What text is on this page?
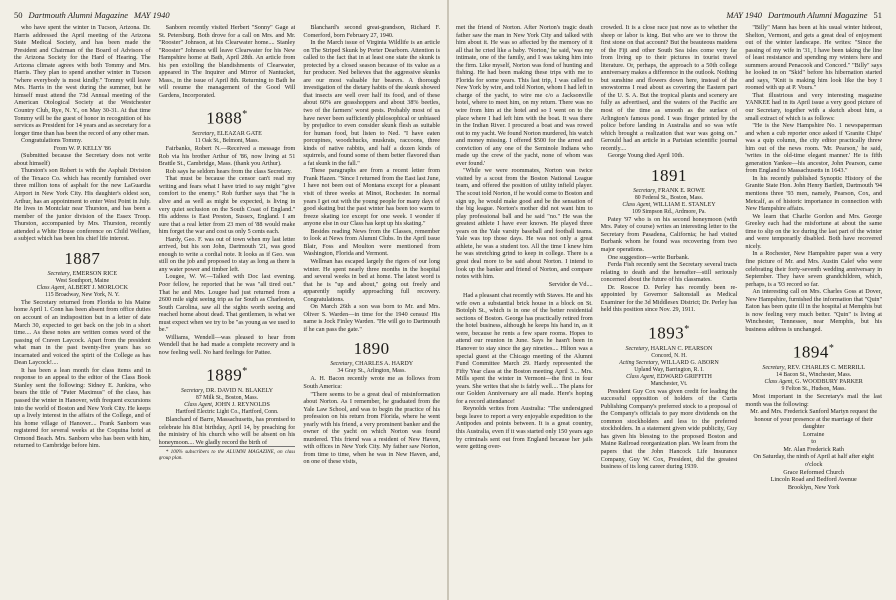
50 Dartmouth Alumni Magazine MAY 1940

who have spent the winter in Tucson, Arizona. Dr. Harris addressed the April meeting of the Arizona State Medical Society, and has been made the President and Chairman of the Board of Advisors of the Arizona Society for the Hard of Hearing. The Arizona climate agrees with both Tommy and Mrs. Harris. They plan to spend another winter in Tucson "where everybody is most kindly." Tommy will leave Mrs. Harris in the west during the summer, but he himself must attend the 73d Annual meeting of the American Otological Society at the Westchester Country Club, Rye, N. Y., on May 30-31. At that time Tommy will be the guest of honor in recognition of his services as President for 14 years and as secretary for a longer time than has been the record of any other man.

Congratulations Tommy.

From W. P. KELLY '86

(Submitted because the Secretary does not write about himself)

Thurston's son Robert is with the Asphalt Division of the Texaco Co. which has recently furnished over three million tons of asphalt for the new LaGuardia Airport in New York City. His daughter's oldest son, Arthur, has an appointment to enter West Point in July. He lives in Montclair near Thurston, and has been a member of the junior division of the Essex Troop. Thurston, accompanied by Mrs. Thurston, recently attended a White House conference on Child Welfare, a subject which has been his chief life interest.

1887
Secretary, EMERSON RICE
West Southport, Maine
Class Agent, ALBERT J. MORLOCK
115 Broadway, New York, N. Y.

The Secretary returned from Florida to his Maine home April 1. Conn has been absent from office duties on account of an indisposition but in a letter of date March 30, expected to get back on the job in a short time.... As these notes are written comes word of the passing of Craven Laycock. Apart from the president what man in the past twenty-five years has so incarnated and voiced the spirit of the College as has Dean Laycock!....

It has been a lean month for class items and in response to an appeal to the editor of the Class Book Stanley sent the following: Sidney E. Junkins, who bears the title of "Pater Maximus" of the class, has passed the winter in Hanover, with frequent excursions into the world of Boston and New York City. He keeps up a lively interest in the affairs of the College, and of his home village of Hanover.... Frank Sanborn was registered for several weeks at the Coquina hotel at Ormond Beach. Mrs. Sanborn who has been with him, returned to Cambridge before him.

Sanborn recently visited Herbert "Sonny" Gage at St. Petersburg. Both drove for a call on Mrs. and Mr. "Rooster" Johnson, at his Clearwater home.... Stanley "Rooster" Johnson will leave Clearwater for his New Hampshire home at Bath, April 28th. An article from his pen extolling the blandishments of Clearwater, appeared in The Inquirer and Mirror of Nantucket, Mass., in the issue of April 8th. Returning to Bath he will resume the management of the Good Will Gardens, Incorporated.

1888*
Secretary, ELEAZAR GATE
11 Oak St., Belmont, Mass.

Fairbanks, Robert N.—Received a message from Rob via his brother Arthur of '86, now living at 51 Brattle St., Cambridge, Mass. (thank you Arthur).

Rob says he seldom hears from the class Secretary.

That must be because the censor can't read my writing and fears what I have tried to say might "give comfort to the enemy." Rob further says that "he is alive and as well as might be expected, is living in very quiet seclusion on the South Coast of England." His address is East Preston, Sussex, England. I am sure that a real letter from 23 men of '88 would make him forget the war and cost us only 5 cents each.

Hardy, Geo. F. was out of town when my last letter arrived, but his son John, Dartmouth '21, was good enough to write a cordial note. It looks as if Geo. was still on the job and proposed to stay as long as there is any water power and timber left.

Lougee, W. W.—Talked with Doc last evening. Poor fellow, he reported that he was "all tired out." That he and Mrs. Lougee had just returned from a 2600 mile sight seeing trip as far South as Charleston, South Carolina, saw all the sights worth seeing and reached home about dead. That gentlemen, is what we must expect when we try to be "as young as we used to be."

Williams, Wendell—was pleased to hear from Wendell that he had made a complete recovery and is now feeling well. No hard feelings for Pattee.

1889*
Secretary, DR. DAVID N. BLAKELY
87 Milk St., Boston, Mass.
Class Agent, JOHN J. REYNOLDS
Hartford Electric Light Co., Hartford, Conn.

Blanchard of Barre, Massachusetts, has promised to celebrate his 81st birthday, April 14, by preaching for the ministry of his church who will be absent on his honeymoon.... We gladly record the birth of

* 100% subscribers to the ALUMNI MAGAZINE, on class group plan.

Blanchard's second great-grandson, Richard F. Comerford, born February 27, 1940.

In the March issue of Virginia Wildlife is an article on The Striped Skunk by Porter Dearborn. Attention is called to the fact that in at least one state the skunk is protected by a closed season because of its value as a fur producer. Ned believes that the aggressive skunks are our most valuable fur bearers. A thorough investigation of the dietary habits of the skunk showed that insects are well over half its food, and of these about 60% are grasshoppers and about 38% beetles, two of the farmers' worst pests. Probably most of us have never been sufficiently philosophical or unbiased by prejudice to even consider skunk flesh as suitable for human food, but listen to Ned. "I have eaten porcupines, woodchucks, muskrats, raccoons, three kinds of native rabbits, and half a dozen kinds of squirrels, and found some of them better flavored than a fat skunk in the fall."

These paragraphs are from a recent letter from Frank Hazen. "Since I returned from the East last June, I have not been out of Montana except for a pleasant visit of three weeks at Minot, Rochester. In normal years I get out with the young people for many days of good skating but the past winter has been too warm to freeze skating ice except for one week. I wonder if anyone else in our Class has kept up his skating."

Besides reading News from the Classes, remember to look at News from Alumni Clubs. In the April issue Blair, Foss and Moulton were mentioned from Washington, Florida and Vermont.

Wellman has escaped largely the rigors of our long winter. He spent nearly three months in the hospital and several weeks in bed at home. The latest word is that he is "up and about," going out freely and apparently rapidly approaching full recovery. Congratulations.

On March 26th a son was born to Mr. and Mrs. Oliver S. Warden—in time for the 1940 census! His name is Jock Finley Warden. "He will go to Dartmouth if he can pass the gate."

1890
Secretary, CHARLES A. HARDY
34 Gray St., Arlington, Mass.

A. H. Bacon recently wrote me as follows from South America:

"There seems to be a great deal of misinformation about Norton. As I remember, he graduated from the Yale Law School, and was to begin the practice of his profession on his return from Florida, where he went yearly with his friend, a very prominent banker and the owner of the yacht on which Norton was found murdered. This friend was a resident of New Haven, with offices in New York City. My father saw Norton, from time to time, when he was in New Haven, and, on one of these visits,

MAY 1940 Dartmouth Alumni Magazine 51

met the friend of Norton. After Norton's tragic death father saw the man in New York City and talked with him about it. He was so affected by the memory of it all that he cried like a baby. 'Norton,' he said, 'was my intimate, one of the family, and I was taking him into the firm. Like myself, Norton was fond of hunting and fishing. He had been making these trips with me to Florida for some years. This last trip, I was called to New York by wire, and told Norton, whom I had left in charge of the yacht, to wire me c/o a Jacksonville hotel, where to meet him, on my return. There was no wire from him at the hotel and so I went on to the place where I had left him with the boat. It was there in the Indian River. I procured a boat and was rowed out to my yacht. We found Norton murdered, his watch and money missing. I offered $500 for the arrest and conviction of any one of the Seminole Indians who made up the crew of the yacht, none of whom was ever found.'

"While we were roommates, Norton was twice visited by a scout from the Boston National League team, and offered the position of utility infield player. The scout told Norton, if he would come to Boston and sign up, he would make good and be the sensation of the big league. Norton's mother did not want him to play professional ball and he said "no." He was the greatest athlete I have ever known. He played three years on the Yale varsity baseball and football teams. Yale was top those days. He was not only a great athlete, he was a student too. All the time I knew him he was stretching grind to keep in college. There is a great deal more to be said about Norton. I intend to look up the banker and friend of Norton, and compare notes with him.

Servidor de Vd....

Had a pleasant chat recently with Staves. He and his wife own a substantial brick house in a block on St. Botolph St., which is in one of the better residential sections of Boston. George has practically retired from the hotel business, although he keeps his hand in, as it were, because he rents a few spare rooms. Hopes to attend our reunion in June. Says he hasn't been in Hanover to stay since the gay nineties.... Hilton was a special guest at the Chicago meeting of the Alumni Fund Committee March 29. Hardy represented the Fifty Year class at the Boston meeting April 3.... Mrs. Mills spent the winter in Vermont—the first in four years. She writes that she is fairly well.... The plans for our Golden Anniversary are all made. Here's hoping for a record attendance!

Reynolds writes from Australia: "The undersigned begs leave to report a very enjoyable expedition to the Antipodes and points between. It is a great country, this Australia, even if it was started only 150 years ago by criminals sent out from England because her jails were getting over-

crowded. It is a close race just now as to whether the sheep or labor is king. But who are we to throw the first stone on that account? But the beauteous maidens of the Fiji and other South Sea isles come very far from living up to their pictures in tourist travel literature. Or, perhaps, the approach to a 50th college anniversary makes a difference in the outlook. Nothing but sunshine and flowers down here, instead of the snowstorms I read about as covering the Eastern part of the U. S. A. But the tropical plants and scenery are fully as advertised, and the waters of the Pacific are most of the time as smooth as the surface of Arlington's famous pond. I was finger printed by the police before landing in Australia and so was wife which brought a realization that war was going on." Gerould had an article in a Parisian scientific journal recently....

George Young died April 10th.

1891
Secretary, FRANK E. ROWE
80 Federal St., Boston, Mass.
Class Agent, WILLIAM E. STANLEY
109 Simpson Rd., Ardmore, Pa.

Patey '97 who is on his second honeymoon (with Mrs. Patey of course) writes an interesting letter to the Secretary from Pasadena, California; he had visited Burbank whom he found was recovering from two major operations.

One suggestion—write Burbank.

Ferda Fish recently sent the Secretary several tracts relating to death and the hereafter—still seriously concerned about the future of his classmates.

Dr. Roscoe D. Perley has recently been re-appointed by Governor Saltonstall as Medical Examiner for the 3d Middlesex District; Dr. Perley has held this position since Nov. 29, 1911.

1893*
Secretary, HARLAN C. PEARSON
Concord, N. H.
Acting Secretary, WILLARD G. ABORN
Upland Way, Barrington, R. I.
Class Agent, EDWARD GRIFFITH
Manchester, Vt.

President Guy Cox was given credit for leading the successful opposition of holders of the Curtis Publishing Company's preferred stock to a proposal of the Company's officials to pay more dividends on the common stockholders and less to the preferred stockholders. In a statement given wide publicity, Guy has given his blessing to the proposed Boston and Maine Railroad reorganization plan. We learn from the papers that the John Hancock Life Insurance Company, Guy W. Cox, President, did the greatest business of its long career during 1939.

"Billy" Mann has been at his usual winter hideout, Shelton, Vermont, and gets a great deal of enjoyment out of the winter landscape. He writes: "Since the passing of my wife in '31, I have been taking the line of least resistance and spending my winters here and summers around Penacook and Concord." "Billy" says he looked in on "Skid" before his hibernation started and says, "Knit is making him look like the boy I roomed with up at P. Vours."

That illustrious and very interesting magazine YANKEE had in its April issue a very good picture of our Secretary, together with a sketch about him, a small extract of which is as follows:

"He is the New Hampshire No. 1 newspaperman and when a cub reporter once asked if 'Granite Chips' was a quip column, the city editor practically threw him out of the news room. 'Mr. Pearson,' he said, 'writes in the old-time elegant manner.' He is fifth generation Yankee—his ancestor, John Pearson, came from England to Massachusetts in 1643."

In his recently published Synoptic History of the Granite State Hon. John Henry Bartlett, Dartmouth '94 mentions three '93 men, namely, Pearson, Cox, and Metcalf, as of historic importance in connection with New Hampshire affairs.

We learn that Charlie Gordon and Mrs. George Greeley each had the misfortune at about the same time to slip on the ice during the last part of the winter and were temporarily disabled. Both have recovered nicely.

In a Rochester, New Hampshire paper was a very fine picture of Mr. and Mrs. Austin Calef who were celebrating their forty-seventh wedding anniversary in September. They have seven grandchildren, which, perhaps, is a '93 record so far.

An interesting call on Mrs. Charles Goss at Dover, New Hampshire, furnished the information that "Quin" Eaton has been quite ill in the hospital at Memphis but is now feeling very much better. "Quin" is living at Winchester, Tennessee, near Memphis, but his business address is unchanged.

1894*
Secretary, REV. CHARLES C. MERRILL
14 Bacon St., Winchester, Mass.
Class Agent, G. WOODBURY PARKER
9 Felton St., Hudson, Mass.

Most important in the Secretary's mail the last month was the following:

Mr. and Mrs. Frederick Sanford Martyn request the honour of your presence at the marriage of their daughter

Lorraine

to

Mr. Alan Frederick Rath

On Saturday, the ninth of April at half after eight o'clock

Grace Reformed Church

Lincoln Road and Bedford Avenue

Brooklyn, New York
